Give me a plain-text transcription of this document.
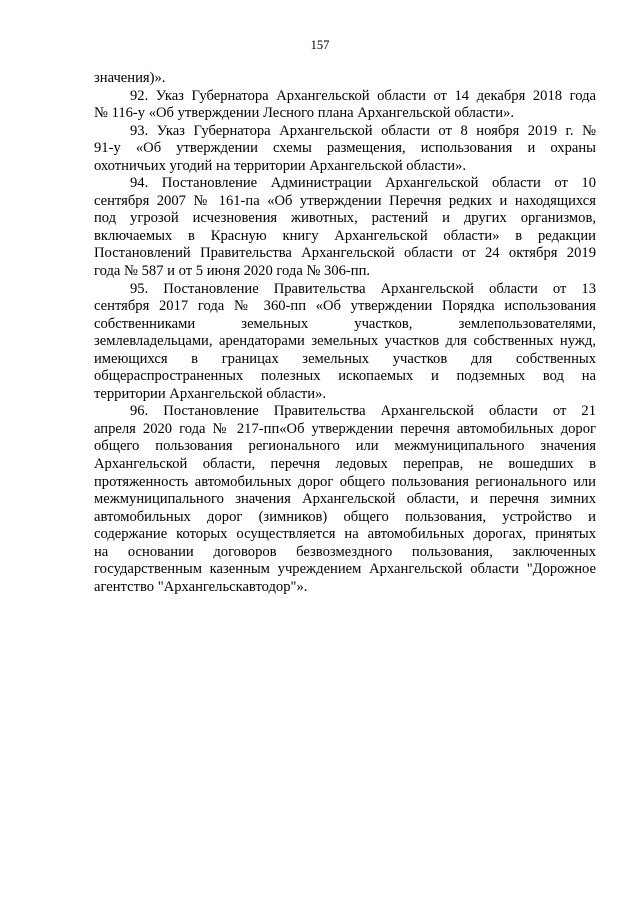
157
значения)».
92. Указ Губернатора Архангельской области от 14 декабря 2018 года
№ 116-у «Об утверждении Лесного плана Архангельской области».
93. Указ Губернатора Архангельской области от 8 ноября 2019 г. №
91-у «Об утверждении схемы размещения, использования и охраны
охотничьих угодий на территории Архангельской области».
94. Постановление Администрации Архангельской области от 10
сентября 2007 № 161-па «Об утверждении Перечня редких и находящихся
под угрозой исчезновения животных, растений и других организмов,
включаемых в Красную книгу Архангельской области» в редакции
Постановлений Правительства Архангельской области от 24 октября 2019
года № 587 и от 5 июня 2020 года № 306-пп.
95. Постановление Правительства Архангельской области от 13
сентября 2017 года № 360-пп «Об утверждении Порядка использования
собственниками земельных участков, землепользователями,
землевладельцами, арендаторами земельных участков для собственных нужд,
имеющихся в границах земельных участков для собственных
общераспространенных полезных ископаемых и подземных вод на
территории Архангельской области».
96. Постановление Правительства Архангельской области от 21
апреля 2020 года № 217-пп«Об утверждении перечня автомобильных дорог
общего пользования регионального или межмуниципального значения
Архангельской области, перечня ледовых переправ, не вошедших в
протяженность автомобильных дорог общего пользования регионального или
межмуниципального значения Архангельской области, и перечня зимних
автомобильных дорог (зимников) общего пользования, устройство и
содержание которых осуществляется на автомобильных дорогах, принятых
на основании договоров безвозмездного пользования, заключенных
государственным казенным учреждением Архангельской области "Дорожное
агентство "Архангельскавтодор"».
